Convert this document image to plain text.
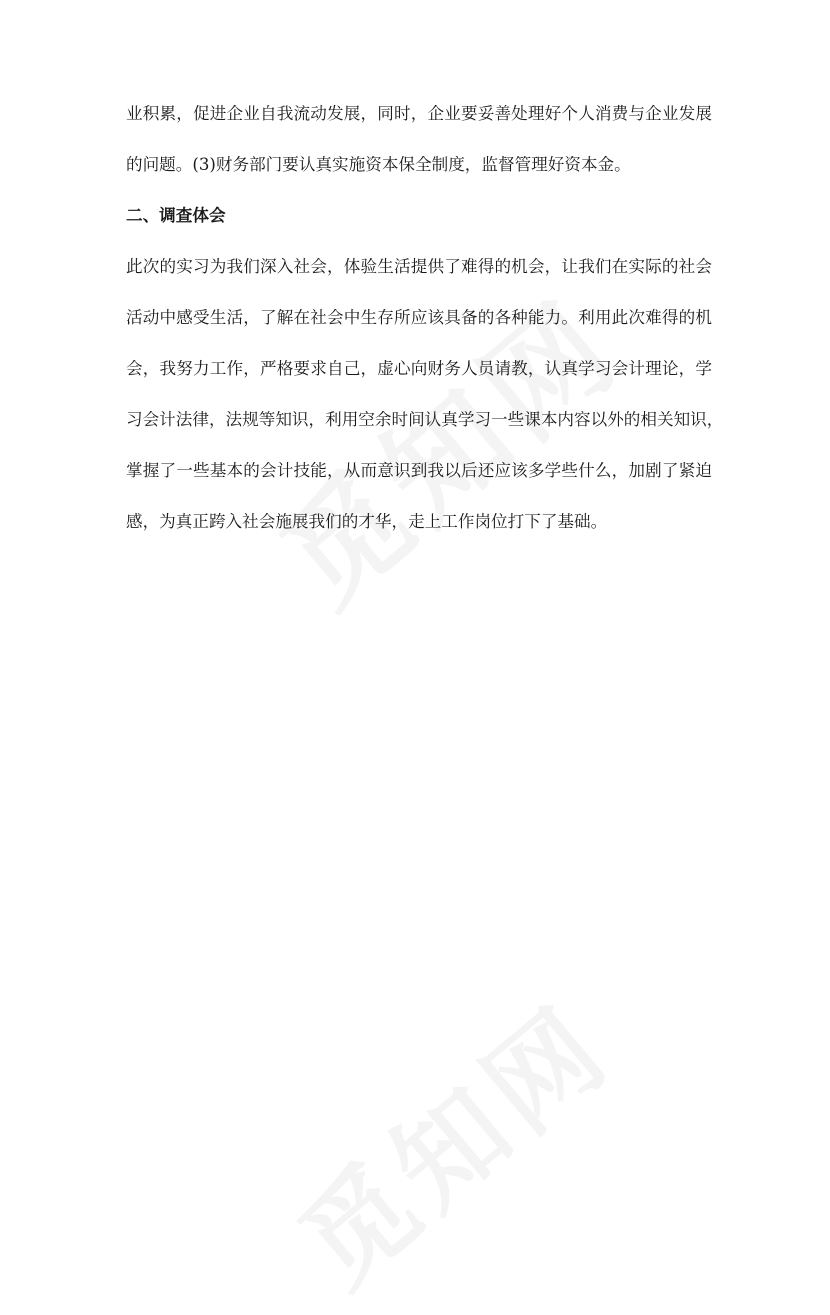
业积累，促进企业自我流动发展，同时，企业要妥善处理好个人消费与企业发展
的问题。(3)财务部门要认真实施资本保全制度，监督管理好资本金。
二、调查体会
此次的实习为我们深入社会，体验生活提供了难得的机会，让我们在实际的社会
活动中感受生活，了解在社会中生存所应该具备的各种能力。利用此次难得的机
会，我努力工作，严格要求自己，虚心向财务人员请教，认真学习会计理论，学
习会计法律，法规等知识，利用空余时间认真学习一些课本内容以外的相关知识，
掌握了一些基本的会计技能，从而意识到我以后还应该多学些什么，加剧了紧迫
感，为真正跨入社会施展我们的才华，走上工作岗位打下了基础。
